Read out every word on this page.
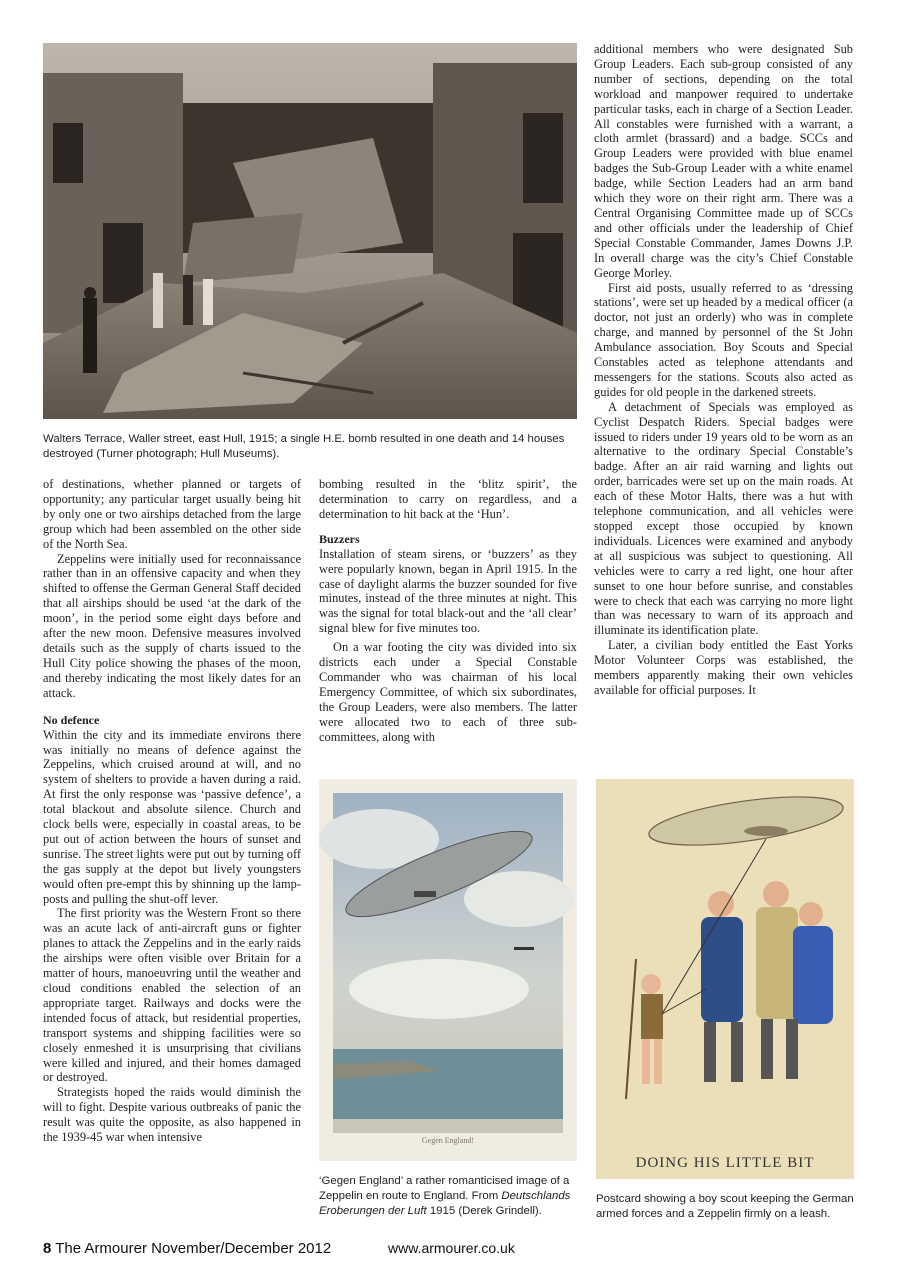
Walters Terrace, Waller street, east Hull, 1915; a single H.E. bomb resulted in one death and 14 houses destroyed (Turner photograph; Hull Museums).

of destinations, whether planned or targets of opportunity; any particular target usually being hit by only one or two airships detached from the large group which had been assembled on the other side of the North Sea.

Zeppelins were initially used for reconnaissance rather than in an offensive capacity and when they shifted to offense the German General Staff decided that all airships should be used ‘at the dark of the moon’, in the period some eight days before and after the new moon. Defensive measures involved details such as the supply of charts issued to the Hull City police showing the phases of the moon, and thereby indicating the most likely dates for an attack.

No defence

Within the city and its immediate environs there was initially no means of defence against the Zeppelins, which cruised around at will, and no system of shelters to provide a haven during a raid. At first the only response was ‘passive defence’, a total blackout and absolute silence. Church and clock bells were, especially in coastal areas, to be put out of action between the hours of sunset and sunrise. The street lights were put out by turning off the gas supply at the depot but lively youngsters would often pre-empt this by shinning up the lamp-posts and pulling the shut-off lever.

The first priority was the Western Front so there was an acute lack of anti-aircraft guns or fighter planes to attack the Zeppelins and in the early raids the airships were often visible over Britain for a matter of hours, manoeuvring until the weather and cloud conditions enabled the selection of an appropriate target. Railways and docks were the intended focus of attack, but residential properties, transport systems and shipping facilities were so closely enmeshed it is unsurprising that civilians were killed and injured, and their homes damaged or destroyed.

Strategists hoped the raids would diminish the will to fight. Despite various outbreaks of panic the result was quite the opposite, as also happened in the 1939-45 war when intensive

bombing resulted in the ‘blitz spirit’, the determination to carry on regardless, and a determination to hit back at the ‘Hun’.

Buzzers

Installation of steam sirens, or ‘buzzers’ as they were popularly known, began in April 1915. In the case of daylight alarms the buzzer sounded for five minutes, instead of the three minutes at night. This was the signal for total black-out and the ‘all clear’ signal blew for five minutes too.

On a war footing the city was divided into six districts each under a Special Constable Commander who was chairman of his local Emergency Committee, of which six subordinates, the Group Leaders, were also members. The latter were allocated two to each of three sub-committees, along with

additional members who were designated Sub Group Leaders. Each sub-group consisted of any number of sections, depending on the total workload and manpower required to undertake particular tasks, each in charge of a Section Leader. All constables were furnished with a warrant, a cloth armlet (brassard) and a badge. SCCs and Group Leaders were provided with blue enamel badges the Sub-Group Leader with a white enamel badge, while Section Leaders had an arm band which they wore on their right arm. There was a Central Organising Committee made up of SCCs and other officials under the leadership of Chief Special Constable Commander, James Downs J.P. In overall charge was the city’s Chief Constable George Morley.

First aid posts, usually referred to as ‘dressing stations’, were set up headed by a medical officer (a doctor, not just an orderly) who was in complete charge, and manned by personnel of the St John Ambulance association. Boy Scouts and Special Constables acted as telephone attendants and messengers for the stations. Scouts also acted as guides for old people in the darkened streets.

A detachment of Specials was employed as Cyclist Despatch Riders. Special badges were issued to riders under 19 years old to be worn as an alternative to the ordinary Special Constable’s badge. After an air raid warning and lights out order, barricades were set up on the main roads. At each of these Motor Halts, there was a hut with telephone communication, and all vehicles were stopped except those occupied by known individuals. Licences were examined and anybody at all suspicious was subject to questioning. All vehicles were to carry a red light, one hour after sunset to one hour before sunrise, and constables were to check that each was carrying no more light than was necessary to warn of its approach and illuminate its identification plate.

Later, a civilian body entitled the East Yorks Motor Volunteer Corps was established, the members apparently making their own vehicles available for official purposes. It

Gegen England!
‘Gegen England’ a rather romanticised image of a Zeppelin en route to England. From Deutschlands Eroberungen der Luft 1915 (Derek Grindell).
DOING HIS LITTLE BIT
Postcard showing a boy scout keeping the German armed forces and a Zeppelin firmly on a leash.
8 The Armourer November/December 2012	www.armourer.co.uk
